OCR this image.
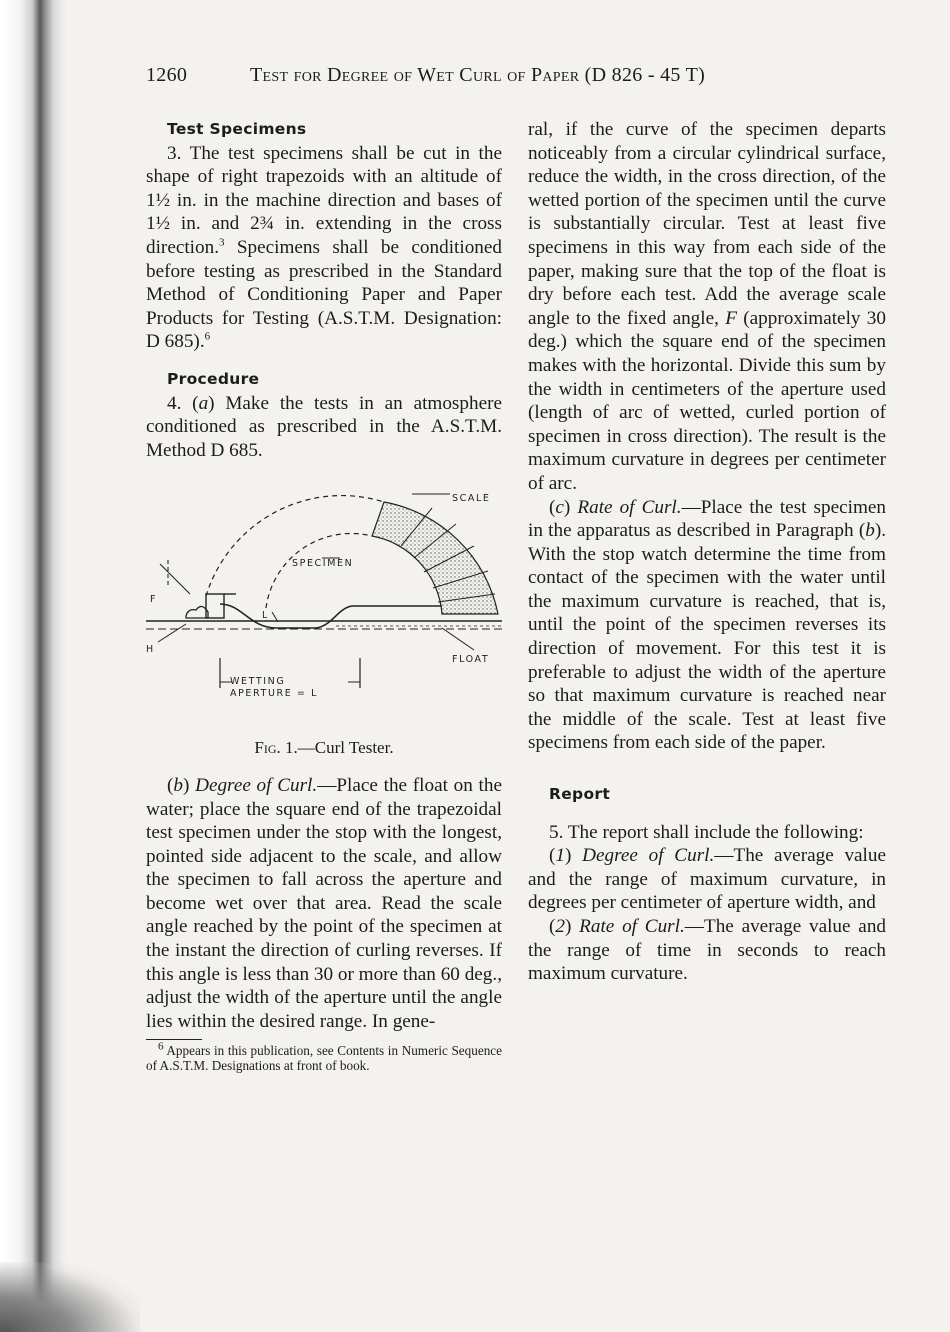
1260	Test for Degree of Wet Curl of Paper (D 826 - 45 T)

Test Specimens

3. The test specimens shall be cut in the shape of right trapezoids with an altitude of 1½ in. in the machine direction and bases of 1½ in. and 2¾ in. extending in the cross direction.$^3$ Specimens shall be conditioned before testing as prescribed in the Standard Method of Conditioning Paper and Paper Products for Testing (A.S.T.M. Designation: D 685).$^6$

Procedure

4. (a) Make the tests in an atmosphere conditioned as prescribed in the A.S.T.M. Method D 685.

SCALE
SPECIMEN
F
H
L
FLOAT
WETTING
APERTURE = L

Fig. 1.—Curl Tester.

(b) Degree of Curl.—Place the float on the water; place the square end of the trapezoidal test specimen under the stop with the longest, pointed side adjacent to the scale, and allow the specimen to fall across the aperture and become wet over that area. Read the scale angle reached by the point of the specimen at the instant the direction of curling reverses. If this angle is less than 30 or more than 60 deg., adjust the width of the aperture until the angle lies within the desired range. In gene-

$^6$ Appears in this publication, see Contents in Numeric Sequence of A.S.T.M. Designations at front of book.

ral, if the curve of the specimen departs noticeably from a circular cylindrical surface, reduce the width, in the cross direction, of the wetted portion of the specimen until the curve is substantially circular. Test at least five specimens in this way from each side of the paper, making sure that the top of the float is dry before each test. Add the average scale angle to the fixed angle, F (approximately 30 deg.) which the square end of the specimen makes with the horizontal. Divide this sum by the width in centimeters of the aperture used (length of arc of wetted, curled portion of specimen in cross direction). The result is the maximum curvature in degrees per centimeter of arc.

(c) Rate of Curl.—Place the test specimen in the apparatus as described in Paragraph (b). With the stop watch determine the time from contact of the specimen with the water until the maximum curvature is reached, that is, until the point of the specimen reverses its direction of movement. For this test it is preferable to adjust the width of the aperture so that maximum curvature is reached near the middle of the scale. Test at least five specimens from each side of the paper.

Report

5. The report shall include the following:

(1) Degree of Curl.—The average value and the range of maximum curvature, in degrees per centimeter of aperture width, and

(2) Rate of Curl.—The average value and the range of time in seconds to reach maximum curvature.
